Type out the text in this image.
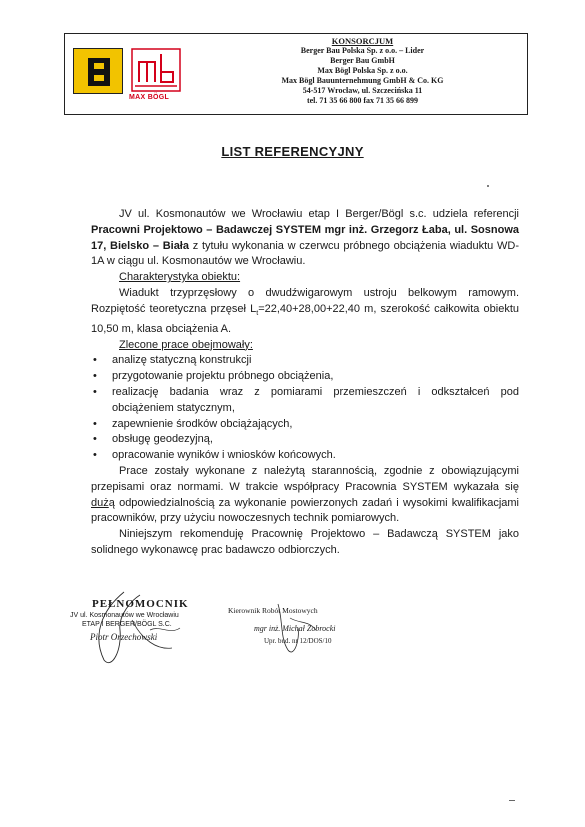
MAX BÖGL
KONSORCJUM
Berger Bau Polska Sp. z o.o. – Lider
Berger Bau GmbH
Max Bögl Polska Sp. z o.o.
Max Bögl Bauunternehmung GmbH & Co. KG
54-517 Wrocław, ul. Szczecińska 11
tel. 71 35 66 800 fax 71 35 66 899
LIST REFERENCYJNY

JV ul. Kosmonautów we Wrocławiu etap I Berger/Bögl s.c. udziela referencji Pracowni Projektowo – Badawczej SYSTEM mgr inż. Grzegorz Łaba, ul. Sosnowa 17, Bielsko – Biała z tytułu wykonania w czerwcu próbnego obciążenia wiaduktu WD-1A w ciągu ul. Kosmonautów we Wrocławiu.

Charakterystyka obiektu:

Wiadukt trzyprzęsłowy o dwudźwigarowym ustroju belkowym ramowym. Rozpiętość teoretyczna przęseł $L_t=22,40+28,00+22,40$ m, szerokość całkowita obiektu 10,50 m, klasa obciążenia A.

Zlecone prace obejmowały:

• analizę statyczną konstrukcji
• przygotowanie projektu próbnego obciążenia,
• realizację badania wraz z pomiarami przemieszczeń i odkształceń pod obciążeniem statycznym,
• zapewnienie środków obciążających,
• obsługę geodezyjną,
• opracowanie wyników i wniosków końcowych.

Prace zostały wykonane z należytą starannością, zgodnie z obowiązującymi przepisami oraz normami. W trakcie współpracy Pracownia SYSTEM wykazała się dużą odpowiedzialnością za wykonanie powierzonych zadań i wysokimi kwalifikacjami pracowników, przy użyciu nowoczesnych technik pomiarowych.

Niniejszym rekomenduję Pracownię Projektowo – Badawczą SYSTEM jako solidnego wykonawcę prac badawczo odbiorczych.

PEŁNOMOCNIK
JV ul. Kosmonautów we Wrocławiu
ETAP I BERGER/BÖGL S.C.
Piotr Orzechowski
Kierownik Robót Mostowych
mgr inż. Michał Zobrocki
Upr. bud. nr 12/DOS/10
